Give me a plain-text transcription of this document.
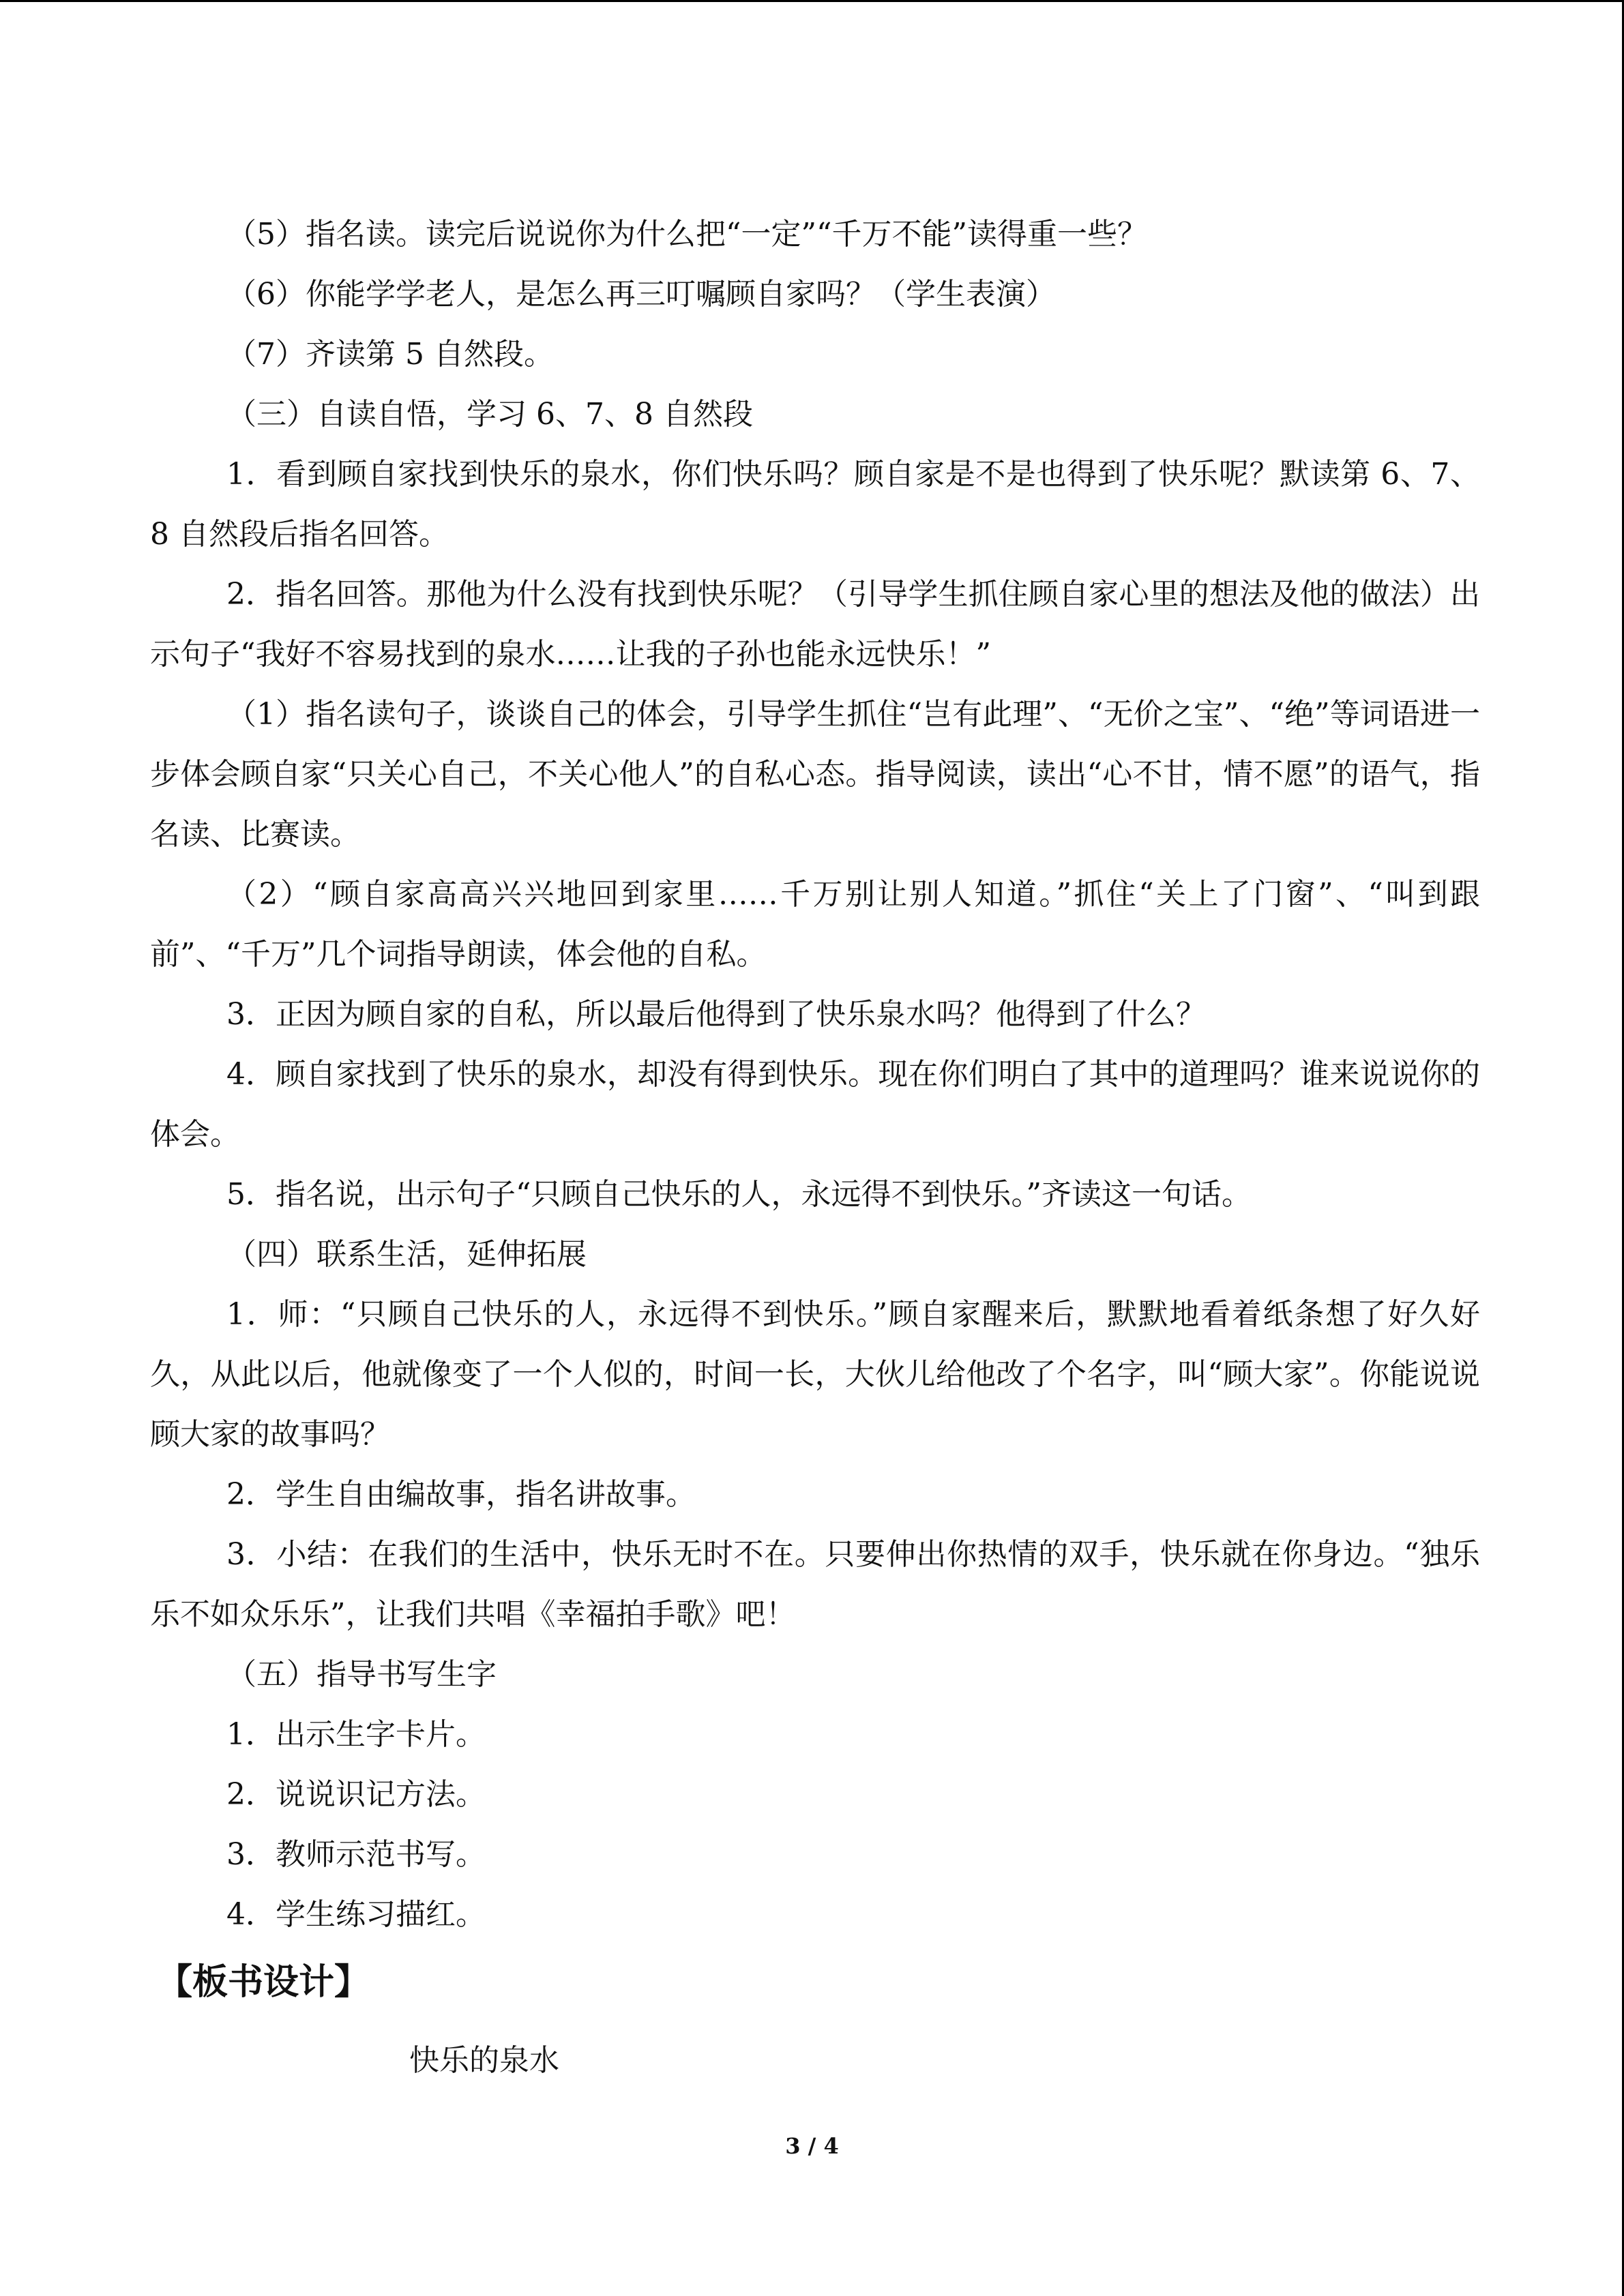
（5）指名读。读完后说说你为什么把“一定”“千万不能”读得重一些？

（6）你能学学老人，是怎么再三叮嘱顾自家吗？（学生表演）

（7）齐读第 5 自然段。

（三）自读自悟，学习 6、7、8 自然段

1．看到顾自家找到快乐的泉水，你们快乐吗？顾自家是不是也得到了快乐呢？默读第 6、7、8 自然段后指名回答。

2．指名回答。那他为什么没有找到快乐呢？（引导学生抓住顾自家心里的想法及他的做法）出示句子“我好不容易找到的泉水……让我的子孙也能永远快乐！”

（1）指名读句子，谈谈自己的体会，引导学生抓住“岂有此理”、“无价之宝”、“绝”等词语进一步体会顾自家“只关心自己，不关心他人”的自私心态。指导阅读，读出“心不甘，情不愿”的语气，指名读、比赛读。

（2）“顾自家高高兴兴地回到家里……千万别让别人知道。”抓住“关上了门窗”、“叫到跟前”、“千万”几个词指导朗读，体会他的自私。

3．正因为顾自家的自私，所以最后他得到了快乐泉水吗？他得到了什么？

4．顾自家找到了快乐的泉水，却没有得到快乐。现在你们明白了其中的道理吗？谁来说说你的体会。

5．指名说，出示句子“只顾自己快乐的人，永远得不到快乐。”齐读这一句话。

（四）联系生活，延伸拓展

1．师：“只顾自己快乐的人，永远得不到快乐。”顾自家醒来后，默默地看着纸条想了好久好久，从此以后，他就像变了一个人似的，时间一长，大伙儿给他改了个名字，叫“顾大家”。你能说说顾大家的故事吗？

2．学生自由编故事，指名讲故事。

3．小结：在我们的生活中，快乐无时不在。只要伸出你热情的双手，快乐就在你身边。“独乐乐不如众乐乐”，让我们共唱《幸福拍手歌》吧！

（五）指导书写生字

1．出示生字卡片。

2．说说识记方法。

3．教师示范书写。

4．学生练习描红。

【板书设计】

快乐的泉水

3 / 4
